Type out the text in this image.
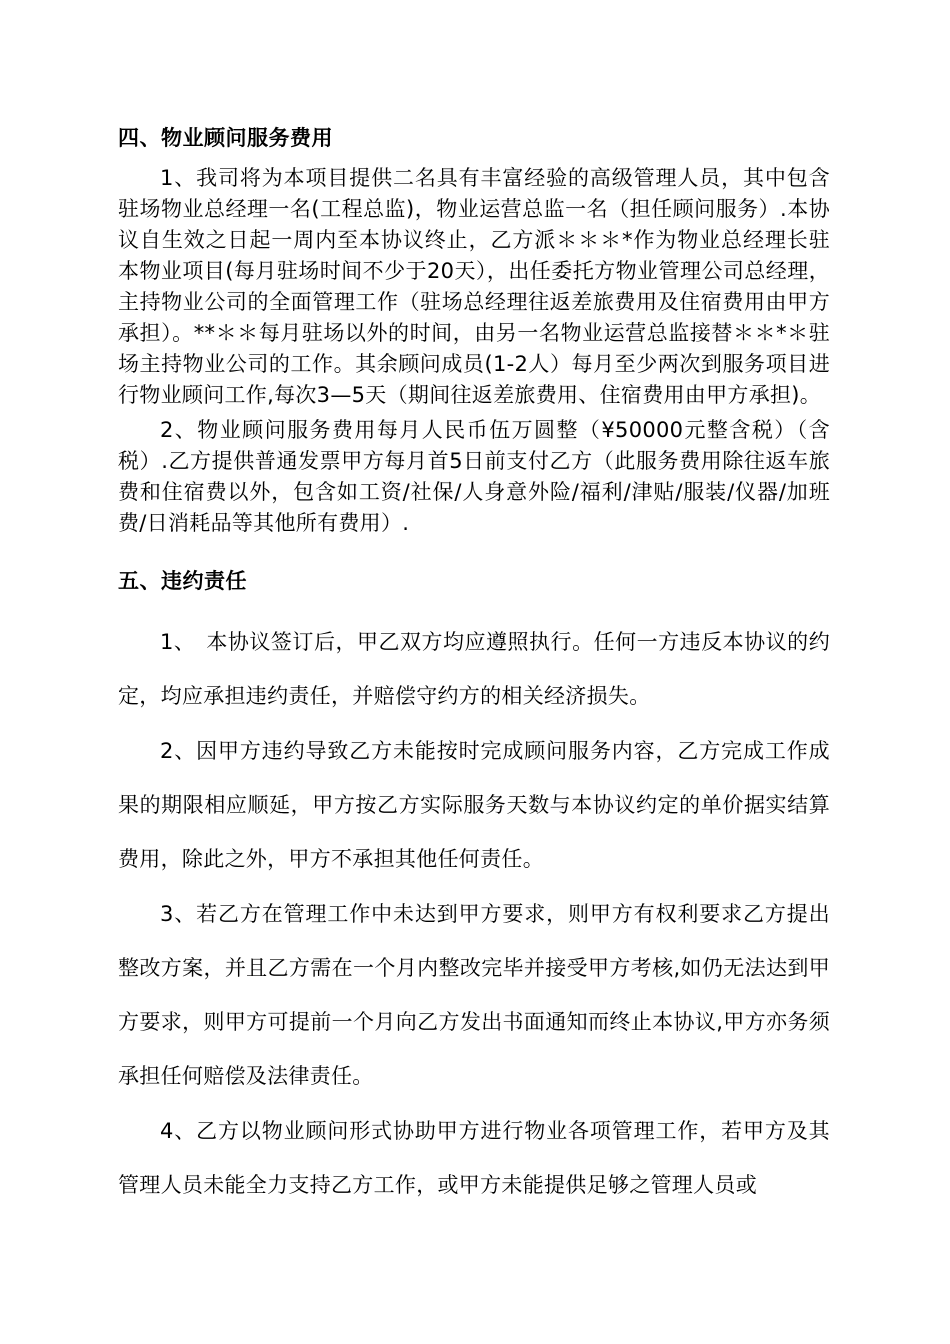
四、物业顾问服务费用
1、我司将为本项目提供二名具有丰富经验的高级管理人员，其中包含驻场物业总经理一名(工程总监)，物业运营总监一名（担任顾问服务）.本协议自生效之日起一周内至本协议终止，乙方派＊＊＊*作为物业总经理长驻本物业项目(每月驻场时间不少于20天），出任委托方物业管理公司总经理，主持物业公司的全面管理工作（驻场总经理往返差旅费用及住宿费用由甲方承担）。**＊＊每月驻场以外的时间，由另一名物业运营总监接替＊＊*＊驻场主持物业公司的工作。其余顾问成员(1-2人）每月至少两次到服务项目进行物业顾问工作,每次3—5天（期间往返差旅费用、住宿费用由甲方承担)。
2、物业顾问服务费用每月人民币伍万圆整（¥50000元整含税）（含税）.乙方提供普通发票甲方每月首5日前支付乙方（此服务费用除往返车旅费和住宿费以外，包含如工资/社保/人身意外险/福利/津贴/服装/仪器/加班费/日消耗品等其他所有费用）.
五、违约责任
1、　本协议签订后，甲乙双方均应遵照执行。任何一方违反本协议的约定，均应承担违约责任，并赔偿守约方的相关经济损失。
2、因甲方违约导致乙方未能按时完成顾问服务内容，乙方完成工作成果的期限相应顺延，甲方按乙方实际服务天数与本协议约定的单价据实结算费用，除此之外，甲方不承担其他任何责任。
3、若乙方在管理工作中未达到甲方要求，则甲方有权利要求乙方提出整改方案，并且乙方需在一个月内整改完毕并接受甲方考核,如仍无法达到甲方要求，则甲方可提前一个月向乙方发出书面通知而终止本协议,甲方亦务须承担任何赔偿及法律责任。
4、乙方以物业顾问形式协助甲方进行物业各项管理工作，若甲方及其管理人员未能全力支持乙方工作，或甲方未能提供足够之管理人员或
